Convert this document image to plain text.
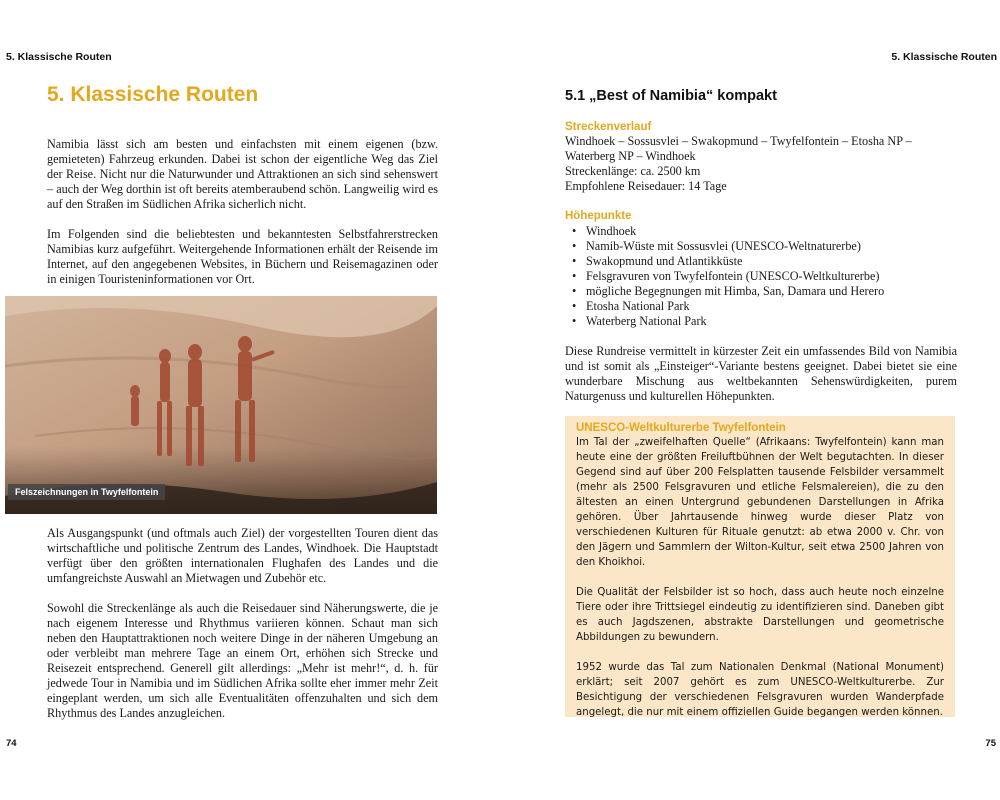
5. Klassische Routen
5. Klassische Routen

Namibia lässt sich am besten und einfachsten mit einem eigenen (bzw. gemieteten) Fahrzeug erkunden. Dabei ist schon der eigentliche Weg das Ziel der Reise. Nicht nur die Naturwunder und Attraktionen an sich sind sehenswert – auch der Weg dorthin ist oft bereits atemberaubend schön. Langweilig wird es auf den Straßen im Südlichen Afrika sicherlich nicht.

Im Folgenden sind die beliebtesten und bekanntesten Selbstfahrerstrecken Namibias kurz aufgeführt. Weitergehende Informationen erhält der Reisende im Internet, auf den angegebenen Websites, in Büchern und Reisemagazinen oder in einigen Touristeninformationen vor Ort.

Felszeichnungen in Twyfelfontein

Als Ausgangspunkt (und oftmals auch Ziel) der vorgestellten Touren dient das wirtschaftliche und politische Zentrum des Landes, Windhoek. Die Hauptstadt verfügt über den größten internationalen Flughafen des Landes und die umfangreichste Auswahl an Mietwagen und Zubehör etc.

Sowohl die Streckenlänge als auch die Reisedauer sind Näherungswerte, die je nach eigenem Interesse und Rhythmus variieren können. Schaut man sich neben den Hauptattraktionen noch weitere Dinge in der näheren Umgebung an oder verbleibt man mehrere Tage an einem Ort, erhöhen sich Strecke und Reisezeit entsprechend. Generell gilt allerdings: „Mehr ist mehr!“, d. h. für jedwede Tour in Namibia und im Südlichen Afrika sollte eher immer mehr Zeit eingeplant werden, um sich alle Eventualitäten offenzuhalten und sich dem Rhythmus des Landes anzugleichen.

74
5. Klassische Routen
5.1 „Best of Namibia“ kompakt
Streckenverlauf
Windhoek – Sossusvlei – Swakopmund – Twyfelfontein – Etosha NP – Waterberg NP – Windhoek
Streckenlänge: ca. 2500 km
Empfohlene Reisedauer: 14 Tage
Höhepunkte
• Windhoek
• Namib-Wüste mit Sossusvlei (UNESCO-Weltnaturerbe)
• Swakopmund und Atlantikküste
• Felsgravuren von Twyfelfontein (UNESCO-Weltkulturerbe)
• mögliche Begegnungen mit Himba, San, Damara und Herero
• Etosha National Park
• Waterberg National Park

Diese Rundreise vermittelt in kürzester Zeit ein umfassendes Bild von Namibia und ist somit als „Einsteiger“-Variante bestens geeignet. Dabei bietet sie eine wunderbare Mischung aus weltbekannten Sehenswürdigkeiten, purem Naturgenuss und kulturellen Höhepunkten.

UNESCO-Weltkulturerbe Twyfelfontein

Im Tal der „zweifelhaften Quelle“ (Afrikaans: Twyfelfontein) kann man heute eine der größten Freiluftbühnen der Welt begutachten. In dieser Gegend sind auf über 200 Felsplatten tausende Felsbilder versammelt (mehr als 2500 Felsgravuren und etliche Felsmalereien), die zu den ältesten an einen Untergrund gebundenen Darstellungen in Afrika gehören. Über Jahrtausende hinweg wurde dieser Platz von verschiedenen Kulturen für Rituale genutzt: ab etwa 2000 v. Chr. von den Jägern und Sammlern der Wilton-Kultur, seit etwa 2500 Jahren von den Khoikhoi.

Die Qualität der Felsbilder ist so hoch, dass auch heute noch einzelne Tiere oder ihre Trittsiegel eindeutig zu identifizieren sind. Daneben gibt es auch Jagdszenen, abstrakte Darstellungen und geometrische Abbildungen zu bewundern.

1952 wurde das Tal zum Nationalen Denkmal (National Monument) erklärt; seit 2007 gehört es zum UNESCO-Weltkulturerbe. Zur Besichtigung der verschiedenen Felsgravuren wurden Wanderpfade angelegt, die nur mit einem offiziellen Guide begangen werden können.

75
